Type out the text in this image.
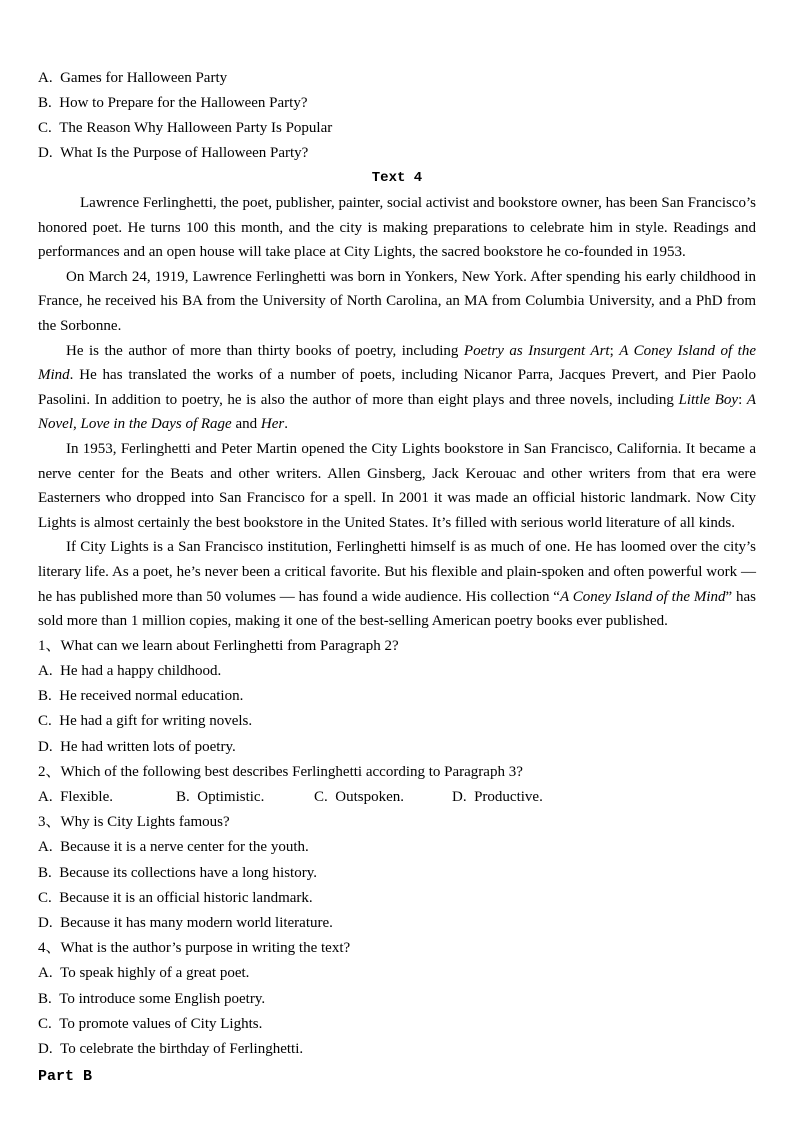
A. Games for Halloween Party
B. How to Prepare for the Halloween Party?
C. The Reason Why Halloween Party Is Popular
D. What Is the Purpose of Halloween Party?
Text 4

Lawrence Ferlinghetti, the poet, publisher, painter, social activist and bookstore owner, has been San Francisco’s honored poet. He turns 100 this month, and the city is making preparations to celebrate him in style. Readings and performances and an open house will take place at City Lights, the sacred bookstore he co-founded in 1953.

On March 24, 1919, Lawrence Ferlinghetti was born in Yonkers, New York. After spending his early childhood in France, he received his BA from the University of North Carolina, an MA from Columbia University, and a PhD from the Sorbonne.

He is the author of more than thirty books of poetry, including Poetry as Insurgent Art; A Coney Island of the Mind. He has translated the works of a number of poets, including Nicanor Parra, Jacques Prevert, and Pier Paolo Pasolini. In addition to poetry, he is also the author of more than eight plays and three novels, including Little Boy: A Novel, Love in the Days of Rage and Her.

In 1953, Ferlinghetti and Peter Martin opened the City Lights bookstore in San Francisco, California. It became a nerve center for the Beats and other writers. Allen Ginsberg, Jack Kerouac and other writers from that era were Easterners who dropped into San Francisco for a spell. In 2001 it was made an official historic landmark. Now City Lights is almost certainly the best bookstore in the United States. It’s filled with serious world literature of all kinds.

If City Lights is a San Francisco institution, Ferlinghetti himself is as much of one. He has loomed over the city’s literary life. As a poet, he’s never been a critical favorite. But his flexible and plain-spoken and often powerful work — he has published more than 50 volumes — has found a wide audience. His collection “A Coney Island of the Mind” has sold more than 1 million copies, making it one of the best-selling American poetry books ever published.

1、What can we learn about Ferlinghetti from Paragraph 2?
A. He had a happy childhood.
B. He received normal education.
C. He had a gift for writing novels.
D. He had written lots of poetry.
2、Which of the following best describes Ferlinghetti according to Paragraph 3?
A. Flexible.	B. Optimistic.	C. Outspoken.	D. Productive.
3、Why is City Lights famous?
A. Because it is a nerve center for the youth.
B. Because its collections have a long history.
C. Because it is an official historic landmark.
D. Because it has many modern world literature.
4、What is the author’s purpose in writing the text?
A. To speak highly of a great poet.
B. To introduce some English poetry.
C. To promote values of City Lights.
D. To celebrate the birthday of Ferlinghetti.
Part B
